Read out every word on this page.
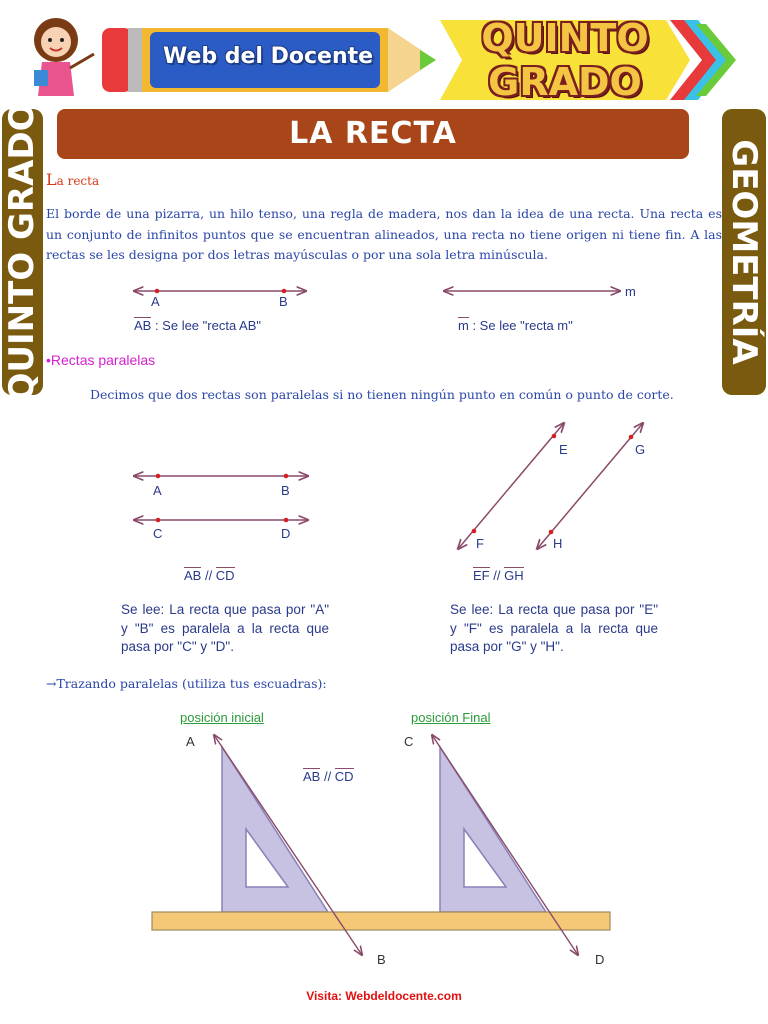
Web del Docente	QUINTO
GRADO
LA RECTA
QUINTO GRADO	GEOMETRÍA
La recta
El borde de una pizarra, un hilo tenso, una regla de madera, nos dan la idea de una recta. Una recta es un conjunto de infinitos puntos que se encuentran alineados, una recta no tiene origen ni tiene fin. A las rectas se les designa por dos letras mayúsculas o por una sola letra minúscula.
A	B
m
AB : Se lee "recta AB"	m : Se lee "recta m"
•Rectas paralelas
Decimos que dos rectas son paralelas si no tienen ningún punto en común o punto de corte.
A	B
C	D
E
F
G
H
AB // CD	EF // GH
Se lee: La recta que pasa por "A" y "B" es paralela a la recta que pasa por "C" y "D".
Se lee: La recta que pasa por "E" y "F" es paralela a la recta que pasa por "G" y "H".
→Trazando paralelas (utiliza tus escuadras):
posición inicial	posición Final
A
B
C
D
AB // CD
Visita: Webdeldocente.com
